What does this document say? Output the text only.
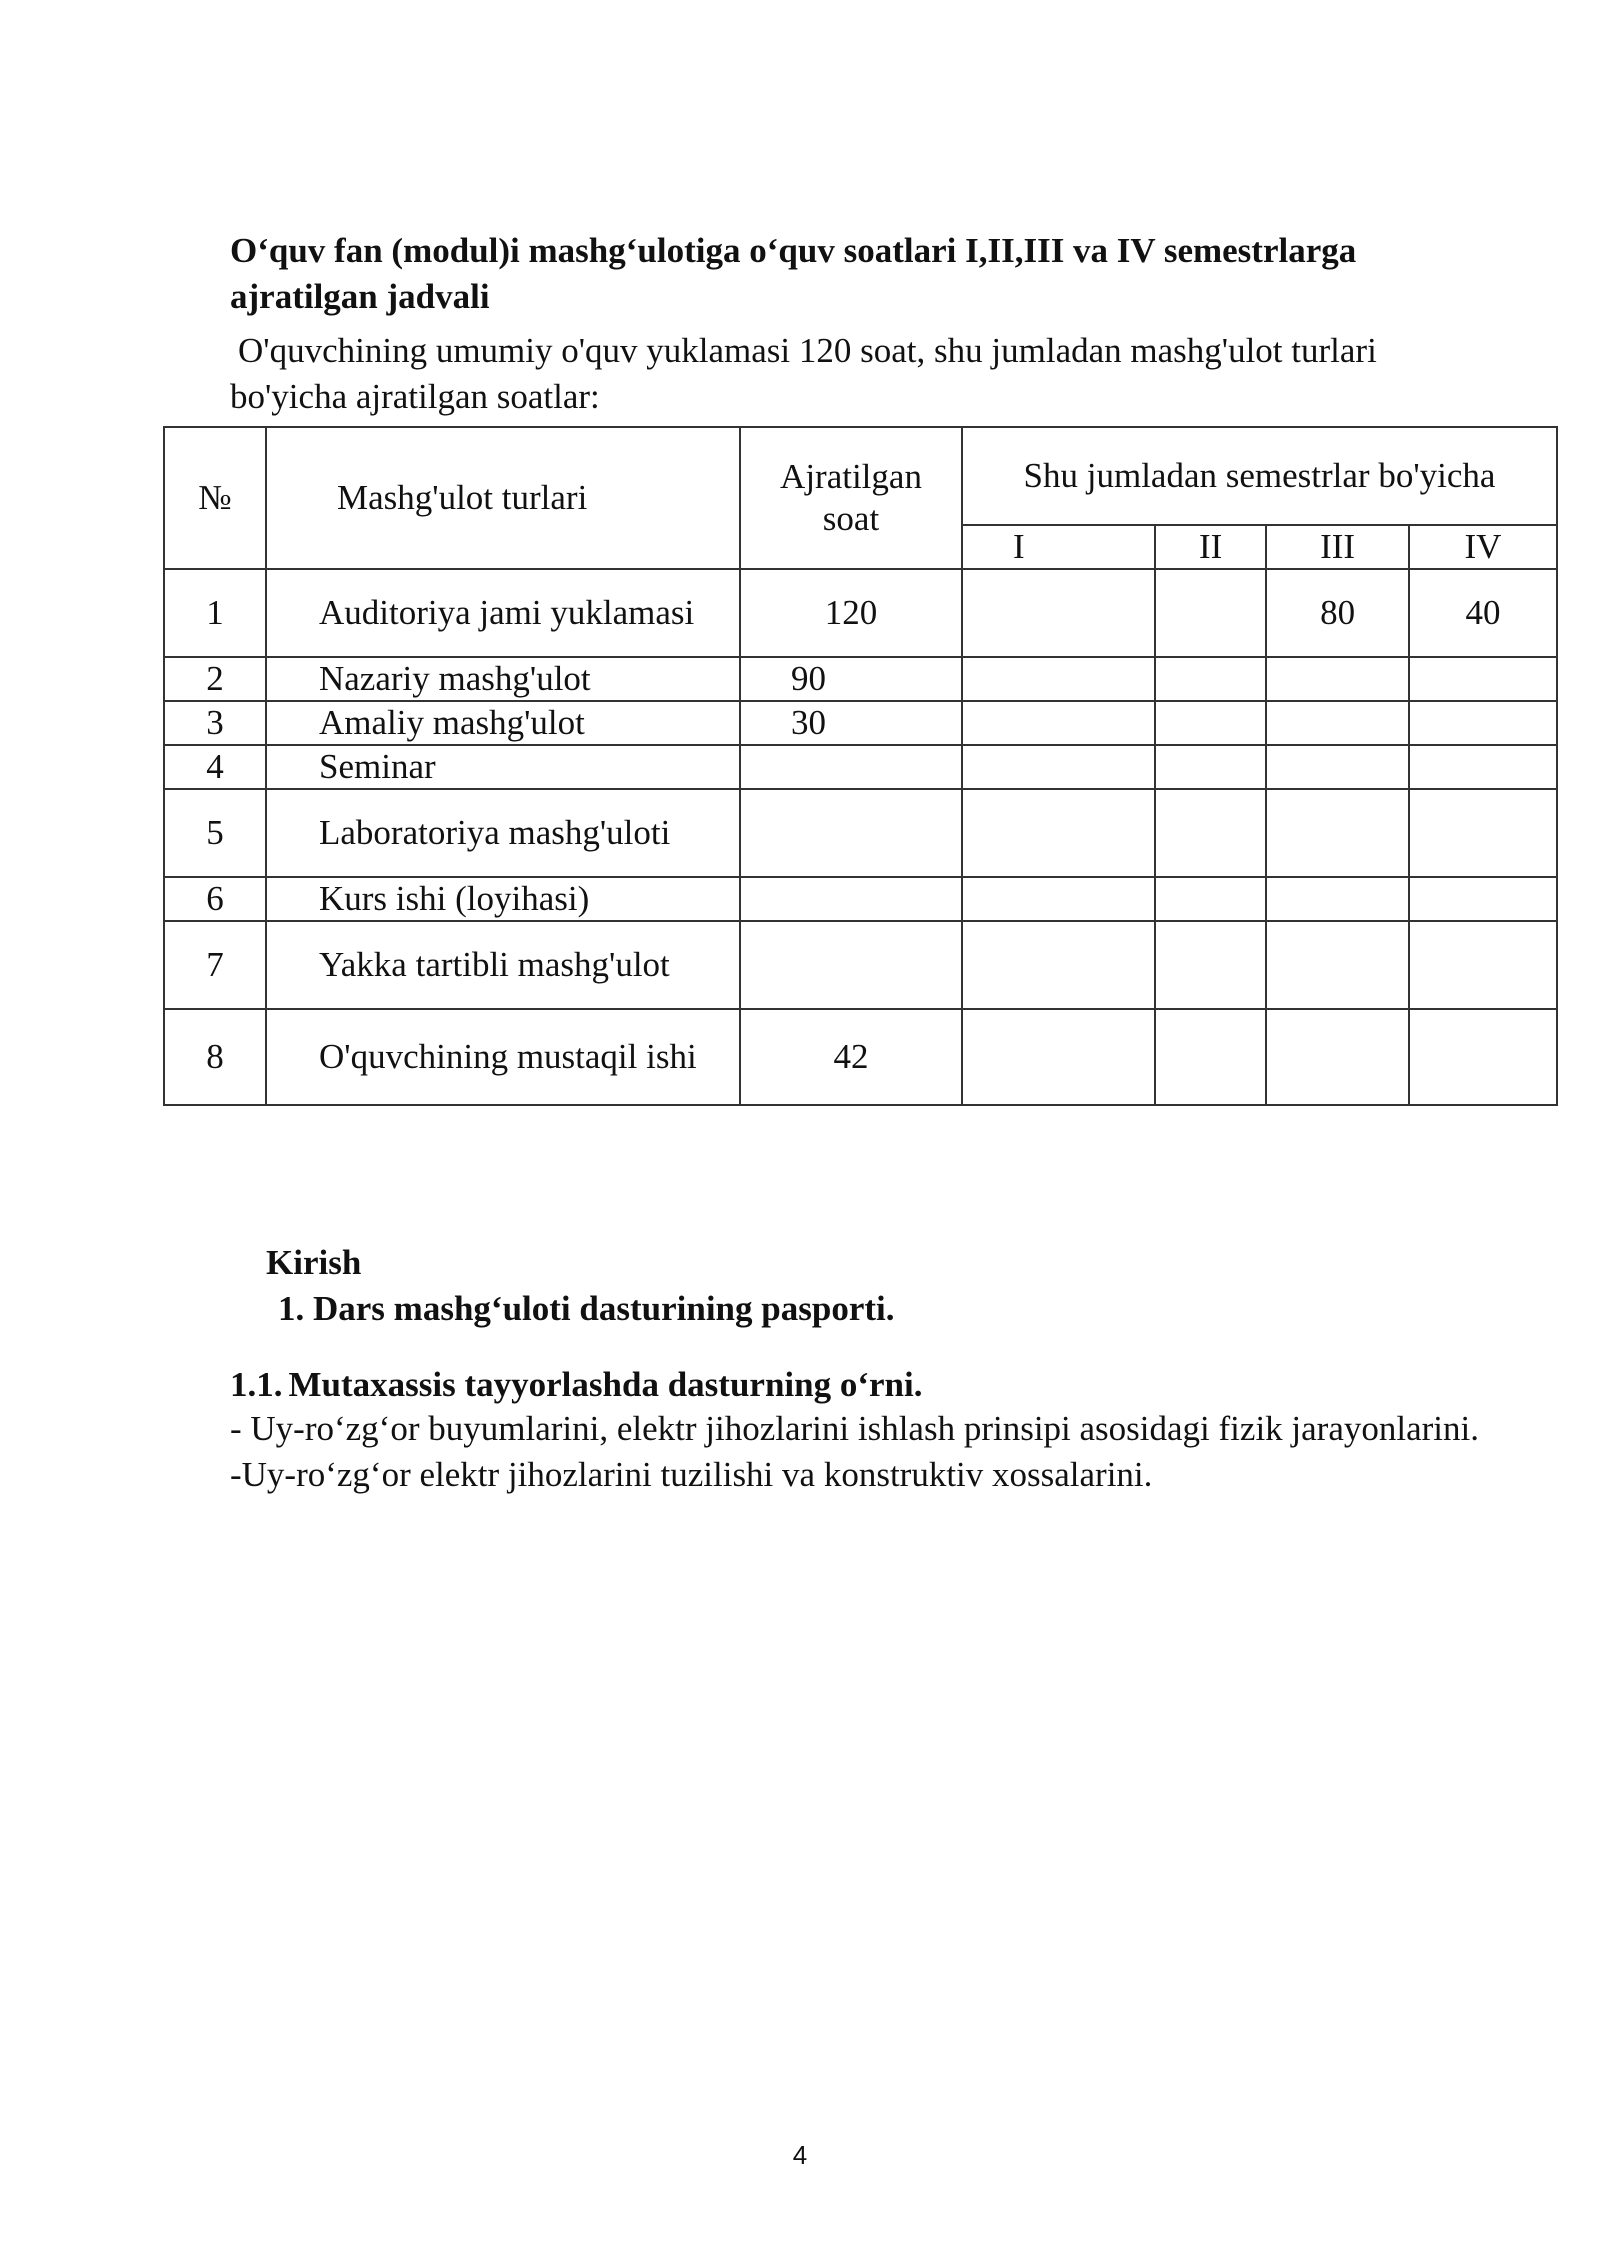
O‘quv fan (modul)i mashg‘ulotiga o‘quv soatlari I,II,III va IV semestrlarga ajratilgan jadvali
O'quvchining umumiy o'quv yuklamasi 120 soat, shu jumladan mashg'ulot turlari
bo'yicha ajratilgan soatlar:
№	Mashg'ulot turlari	Ajratilgan soat	Shu jumladan semestrlar bo'yicha			
			I	II	III	IV
1	Auditoriya jami yuklamasi	120			80	40
2	Nazariy mashg'ulot	90				
3	Amaliy mashg'ulot	30				
4	Seminar					
5	Laboratoriya mashg'uloti					
6	Kurs ishi (loyihasi)					
7	Yakka tartibli mashg'ulot					
8	O'quvchining mustaqil ishi	42				
Kirish
1. Dars mashg‘uloti dasturining pasporti.
1.1. Mutaxassis tayyorlashda dasturning o‘rni.

- Uy-ro‘zg‘or buyumlarini, elektr jihozlarini ishlash prinsipi asosidagi fizik jarayonlarini.

-Uy-ro‘zg‘or elektr jihozlarini tuzilishi va konstruktiv xossalarini.

4
